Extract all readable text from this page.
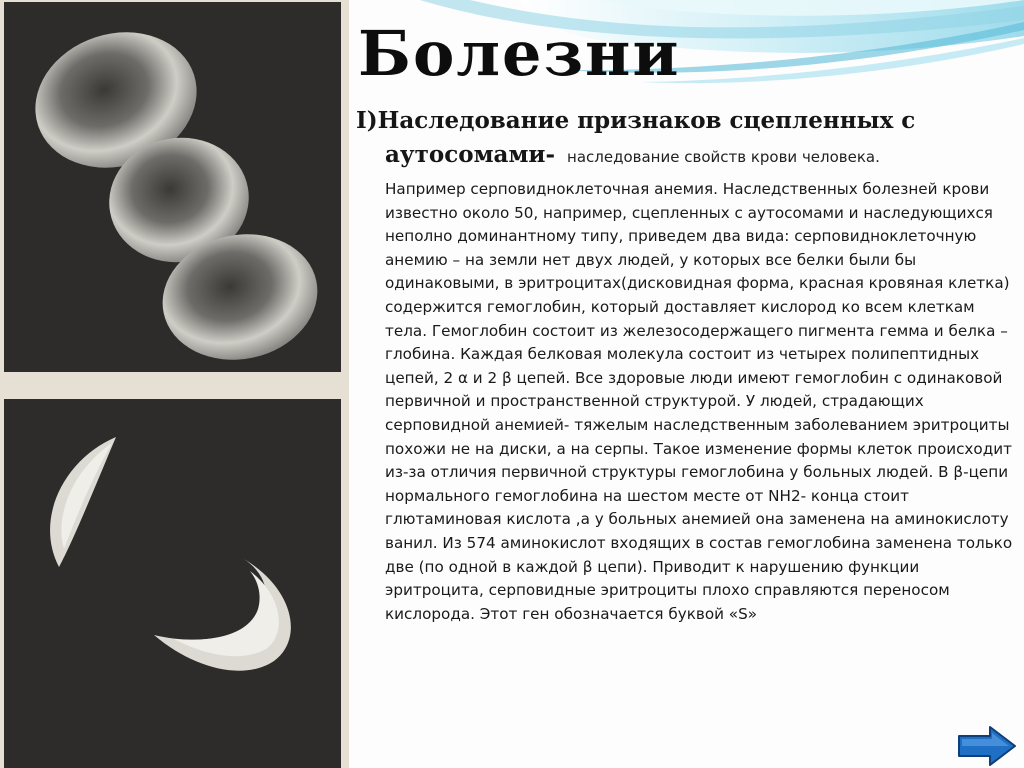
Болезни
I)Наследование признаков сцепленных с
аутосомами- наследование свойств крови человека.
Например серповидноклеточная анемия. Наследственных болезней крови известно около 50, например, сцепленных с аутосомами и наследующихся неполно доминантному типу, приведем два вида: серповидноклеточную анемию – на земли нет двух людей, у которых все белки были бы одинаковыми, в эритроцитах(дисковидная форма, красная кровяная клетка) содержится гемоглобин, который доставляет кислород ко всем клеткам тела. Гемоглобин состоит из железосодержащего пигмента гемма и белка – глобина. Каждая белковая молекула состоит из четырех полипептидных цепей, 2 α и 2 β цепей. Все здоровые люди имеют гемоглобин с одинаковой первичной и пространственной структурой. У людей, страдающих серповидной анемией- тяжелым наследственным заболеванием эритроциты похожи не на диски, а на серпы. Такое изменение формы клеток происходит из-за отличия первичной структуры гемоглобина у больных людей. В β-цепи нормального гемоглобина на шестом месте от NH2- конца стоит глютаминовая кислота ,а у больных анемией она заменена на аминокислоту ванил. Из 574 аминокислот входящих в состав гемоглобина заменена только две (по одной в каждой β цепи). Приводит к нарушению функции эритроцита, серповидные эритроциты плохо справляются переносом кислорода. Этот ген обозначается буквой «S»
